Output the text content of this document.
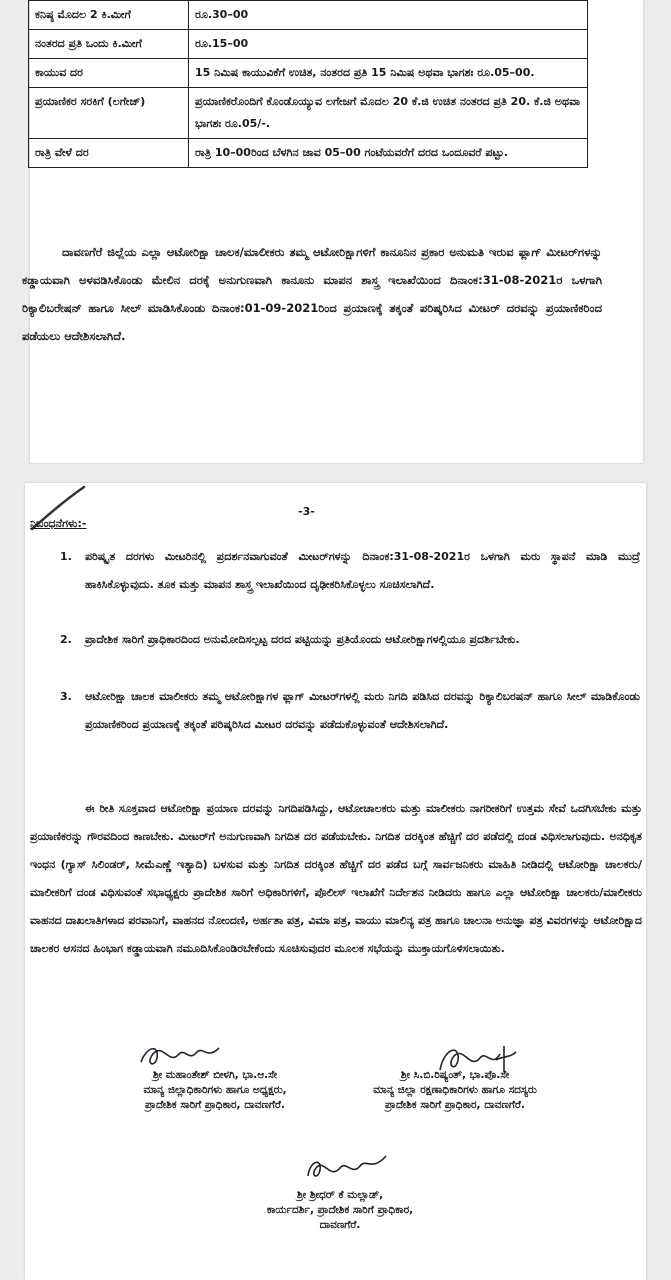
ಕನಿಷ್ಠ ಮೊದಲ 2 ಕಿ.ಮೀಗೆ	ರೂ.30–00
ನಂತರದ ಪ್ರತಿ ಒಂದು ಕಿ.ಮೀಗೆ	ರೂ.15–00
ಕಾಯುವ ದರ	15 ನಿಮಿಷ ಕಾಯುವಿಕೆಗೆ ಉಚಿತ, ನಂತರದ ಪ್ರತಿ 15 ನಿಮಿಷ ಅಥವಾ ಭಾಗಶಃ ರೂ.05–00.
ಪ್ರಯಾಣಿಕರ ಸರಕಿಗೆ (ಲಗೇಜ್)	ಪ್ರಯಾಣಿಕರೊಂದಿಗೆ ಕೊಂಡೊಯ್ಯುವ ಲಗೇಜಗೆ ಮೊದಲ 20 ಕೆ.ಜಿ ಉಚಿತ ನಂತರದ ಪ್ರತಿ 20. ಕೆ.ಜಿ ಅಥವಾ ಭಾಗಶಃ ರೂ.05/-.
ರಾತ್ರಿ ವೇಳೆ ದರ	ರಾತ್ರಿ 10–00ರಿಂದ ಬೆಳಗಿನ ಜಾವ 05–00 ಗಂಟೆಯವರೆಗೆ ದರದ ಒಂದೂವರೆ ಪಟ್ಟು.
ದಾವಣಗೆರೆ ಜಿಲ್ಲೆಯ ಎಲ್ಲಾ ಆಟೋರಿಕ್ಷಾ ಚಾಲಕ/ಮಾಲೀಕರು ತಮ್ಮ ಆಟೋರಿಕ್ಷಾಗಳಿಗೆ ಕಾನೂನಿನ ಪ್ರಕಾರ ಅನುಮತಿ ಇರುವ ಫ್ಲಾಗ್ ಮೀಟರ್‌ಗಳನ್ನು ಕಡ್ಡಾಯವಾಗಿ ಅಳವಡಿಸಿಕೊಂಡು ಮೇಲಿನ ದರಕ್ಕೆ ಅನುಗುಣವಾಗಿ ಕಾನೂನು ಮಾಪನ ಶಾಸ್ತ್ರ ಇಲಾಖೆಯಿಂದ ದಿನಾಂಕ:31-08-2021ರ ಒಳಗಾಗಿ ರಿಕ್ಯಾಲಿಬರೇಷನ್ ಹಾಗೂ ಸೀಲ್ ಮಾಡಿಸಿಕೊಂಡು ದಿನಾಂಕ:01-09-2021ರಿಂದ ಪ್ರಯಾಣಕ್ಕೆ ತಕ್ಕಂತೆ ಪರಿಷ್ಕರಿಸಿದ ಮೀಟರ್ ದರವನ್ನು ಪ್ರಯಾಣಿಕರಿಂದ ಪಡೆಯಲು ಆದೇಶಿಸಲಾಗಿದೆ.
-3-
ನಿಬಂಧನೆಗಳು:-
1. ಪರಿಷ್ಕೃತ ದರಗಳು ಮೀಟರಿನಲ್ಲಿ ಪ್ರದರ್ಶನವಾಗುವಂತೆ ಮೀಟರ್‌ಗಳನ್ನು ದಿನಾಂಕ:31-08-2021ರ ಒಳಗಾಗಿ ಮರು ಸ್ಥಾಪನೆ ಮಾಡಿ ಮುದ್ರೆ ಹಾಕಿಸಿಕೊಳ್ಳುವುದು. ತೂಕ ಮತ್ತು ಮಾಪನ ಶಾಸ್ತ್ರ ಇಲಾಖೆಯಿಂದ ದೃಢೀಕರಿಸಿಕೊಳ್ಳಲು ಸೂಚಿಸಲಾಗಿದೆ.
2. ಪ್ರಾದೇಶಿಕ ಸಾರಿಗೆ ಪ್ರಾಧಿಕಾರದಿಂದ ಅನುಮೋದಿಸಲ್ಪಟ್ಟ ದರದ ಪಟ್ಟಿಯನ್ನು ಪ್ರತಿಯೊಂದು ಆಟೋರಿಕ್ಷಾಗಳಲ್ಲಿಯೂ ಪ್ರದರ್ಶಿಬೇಕು.
3. ಆಟೋರಿಕ್ಷಾ ಚಾಲಕ ಮಾಲೀಕರು ತಮ್ಮ ಆಟೋರಿಕ್ಷಾಗಳ ಫ್ಲಾಗ್ ಮೀಟರ್‌ಗಳಲ್ಲಿ ಮರು ನಿಗದಿ ಪಡಿಸಿದ ದರವನ್ನು ರಿಕ್ಯಾಲಿಬರಷನ್ ಹಾಗೂ ಸೀಲ್ ಮಾಡಿಕೊಂಡು ಪ್ರಯಾಣಿಕರಿಂದ ಪ್ರಯಾಣಕ್ಕೆ ತಕ್ಕಂತೆ ಪರಿಷ್ಕರಿಸಿದ ಮೀಟರ ದರವನ್ನು ಪಡೆದುಕೊಳ್ಳುವಂತೆ ಆದೇಶಿಸಲಾಗಿದೆ.
ಈ ರೀತಿ ಸೂಕ್ತವಾದ ಆಟೋರಿಕ್ಷಾ ಪ್ರಯಾಣ ದರವನ್ನು ನಿಗದಿಪಡಿಸಿದ್ದು, ಆಟೋಚಾಲಕರು ಮತ್ತು ಮಾಲೀಕರು ನಾಗರೀಕರಿಗೆ ಉತ್ತಮ ಸೇವೆ ಒದಗಿಸಬೇಕು ಮತ್ತು ಪ್ರಯಾಣಿಕರನ್ನು ಗೌರವದಿಂದ ಕಾಣಬೇಕು. ಮೀಟರ್‌ಗೆ ಅನುಗುಣವಾಗಿ ನಿಗದಿತ ದರ ಪಡೆಯಬೇಕು. ನಿಗದಿತ ದರಕ್ಕಿಂತ ಹೆಚ್ಚಿಗೆ ದರ ಪಡೆದಲ್ಲಿ ದಂಡ ವಿಧಿಸಲಾಗುವುದು. ಅನಧಿಕೃತ ಇಂಧನ (ಗ್ಯಾಸ್ ಸಿಲಿಂಡರ್, ಸೀಮೆಎಣ್ಣೆ ಇತ್ಯಾದಿ) ಬಳಸುವ ಮತ್ತು ನಿಗದಿತ ದರಕ್ಕಿಂತ ಹೆಚ್ಚಿಗೆ ದರ ಪಡೆದ ಬಗ್ಗೆ ಸಾರ್ವಜನಿಕರು ಮಾಹಿತಿ ನೀಡಿದಲ್ಲಿ ಆಟೋರಿಕ್ಷಾ ಚಾಲಕರು/ಮಾಲೀಕರಿಗೆ ದಂಡ ವಿಧಿಸುವಂತೆ ಸಭಾಧ್ಯಕ್ಷರು ಪ್ರಾದೇಶಿಕ ಸಾರಿಗೆ ಅಧಿಕಾರಿಗಳಿಗೆ, ಪೊಲೀಸ್ ಇಲಾಖೆಗೆ ನಿರ್ದೇಶನ ನೀಡಿದರು ಹಾಗೂ ಎಲ್ಲಾ ಆಟೋರಿಕ್ಷಾ ಚಾಲಕರು/ಮಾಲೀಕರು ವಾಹನದ ದಾಖಲಾತಿಗಳಾದ ಪರವಾನಿಗೆ, ವಾಹನದ ನೋಂದಣಿ, ಅರ್ಹತಾ ಪತ್ರ, ವಿಮಾ ಪತ್ರ, ವಾಯು ಮಾಲಿನ್ಯ ಪತ್ರ ಹಾಗೂ ಚಾಲನಾ ಅನುಜ್ಞಾ ಪತ್ರ ವಿವರಗಳನ್ನು ಆಟೋರಿಕ್ಷಾದ ಚಾಲಕರ ಆಸನದ ಹಿಂಭಾಗ ಕಡ್ಡಾಯವಾಗಿ ನಮೂದಿಸಿಕೊಂಡಿರಬೇಕೆಂದು ಸೂಚಿಸುವುದರ ಮೂಲಕ ಸಭೆಯನ್ನು ಮುಕ್ತಾಯಗೊಳಿಸಲಾಯಿತು.
ಶ್ರೀ ಮಹಾಂತೇಶ್ ಬೀಳಗಿ, ಭಾ.ಆ.ಸೇ
ಮಾನ್ಯ ಜಿಲ್ಲಾಧಿಕಾರಿಗಳು ಹಾಗೂ ಅಧ್ಯಕ್ಷರು,
ಪ್ರಾದೇಶಿಕ ಸಾರಿಗೆ ಪ್ರಾಧಿಕಾರ, ದಾವಣಗೆರೆ.
ಶ್ರೀ ಸಿ.ಬಿ.ರಿಷ್ಯಂತ್, ಭಾ.ಪೊ.ಸೇ
ಮಾನ್ಯ ಜಿಲ್ಲಾ ರಕ್ಷಣಾಧಿಕಾರಿಗಳು ಹಾಗೂ ಸದಸ್ಯರು
ಪ್ರಾದೇಶಿಕ ಸಾರಿಗೆ ಪ್ರಾಧಿಕಾರ, ದಾವಣಗೆರೆ.
ಶ್ರೀ ಶ್ರೀಧರ್ ಕೆ ಮಲ್ಲಾಡ್,
ಕಾರ್ಯದರ್ಶಿ, ಪ್ರಾದೇಶಿಕ ಸಾರಿಗೆ ಪ್ರಾಧಿಕಾರ,
ದಾವಣಗೆರೆ.
